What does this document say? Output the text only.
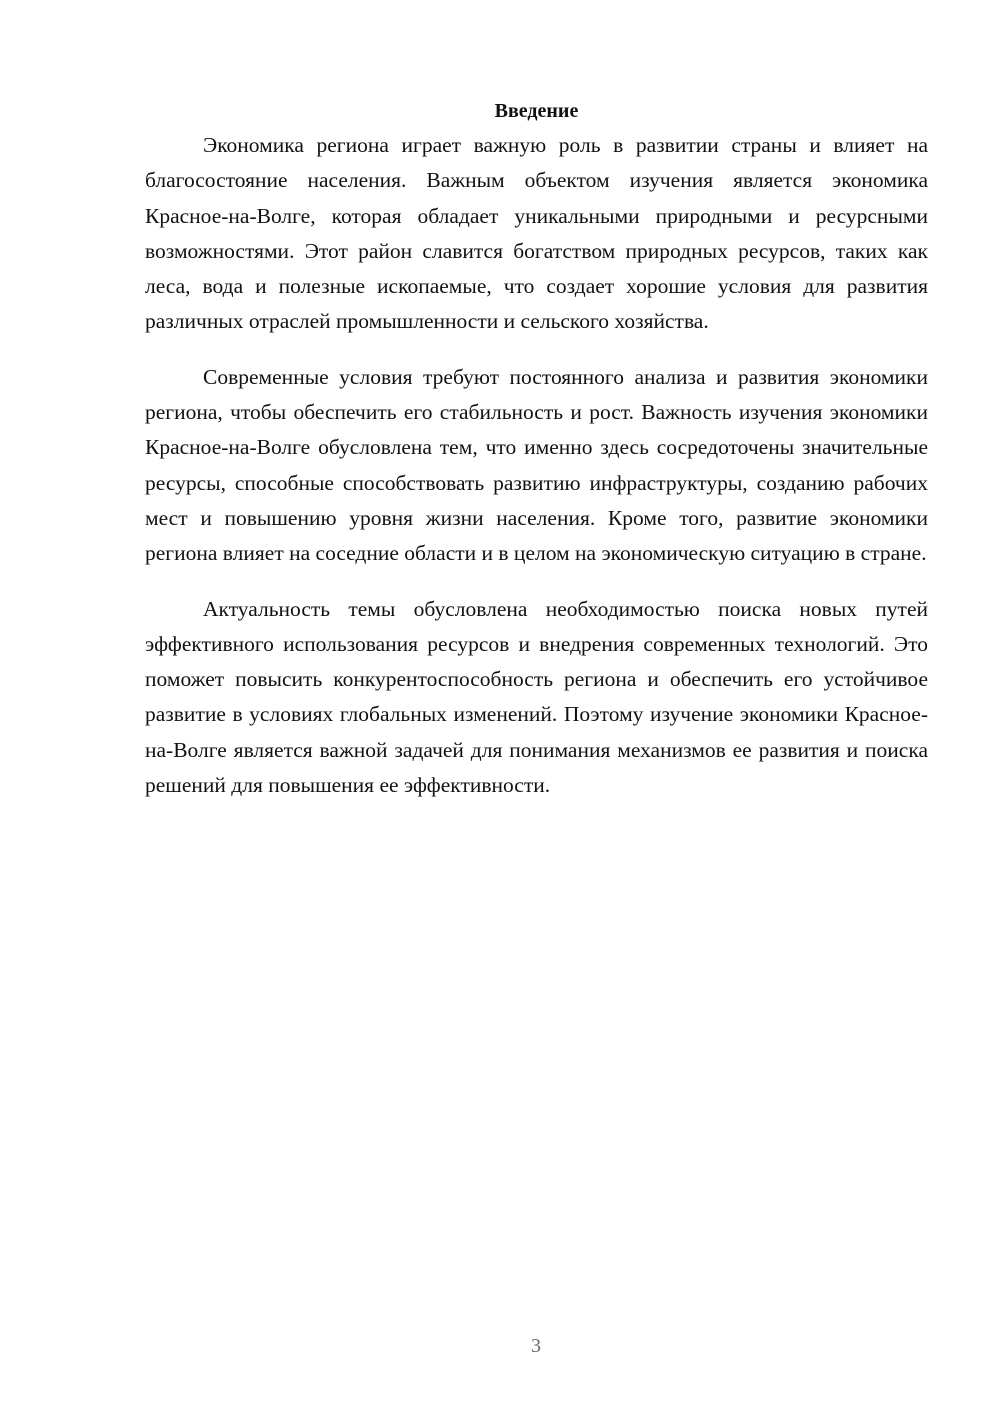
Введение

Экономика региона играет важную роль в развитии страны и влияет на благосостояние населения. Важным объектом изучения является экономика Красное-на-Волге, которая обладает уникальными природными и ресурсными возможностями. Этот район славится богатством природных ресурсов, таких как леса, вода и полезные ископаемые, что создает хорошие условия для развития различных отраслей промышленности и сельского хозяйства.

Современные условия требуют постоянного анализа и развития экономики региона, чтобы обеспечить его стабильность и рост. Важность изучения экономики Красное-на-Волге обусловлена тем, что именно здесь сосредоточены значительные ресурсы, способные способствовать развитию инфраструктуры, созданию рабочих мест и повышению уровня жизни населения. Кроме того, развитие экономики региона влияет на соседние области и в целом на экономическую ситуацию в стране.

Актуальность темы обусловлена необходимостью поиска новых путей эффективного использования ресурсов и внедрения современных технологий. Это поможет повысить конкурентоспособность региона и обеспечить его устойчивое развитие в условиях глобальных изменений. Поэтому изучение экономики Красное-на-Волге является важной задачей для понимания механизмов ее развития и поиска решений для повышения ее эффективности.

3
